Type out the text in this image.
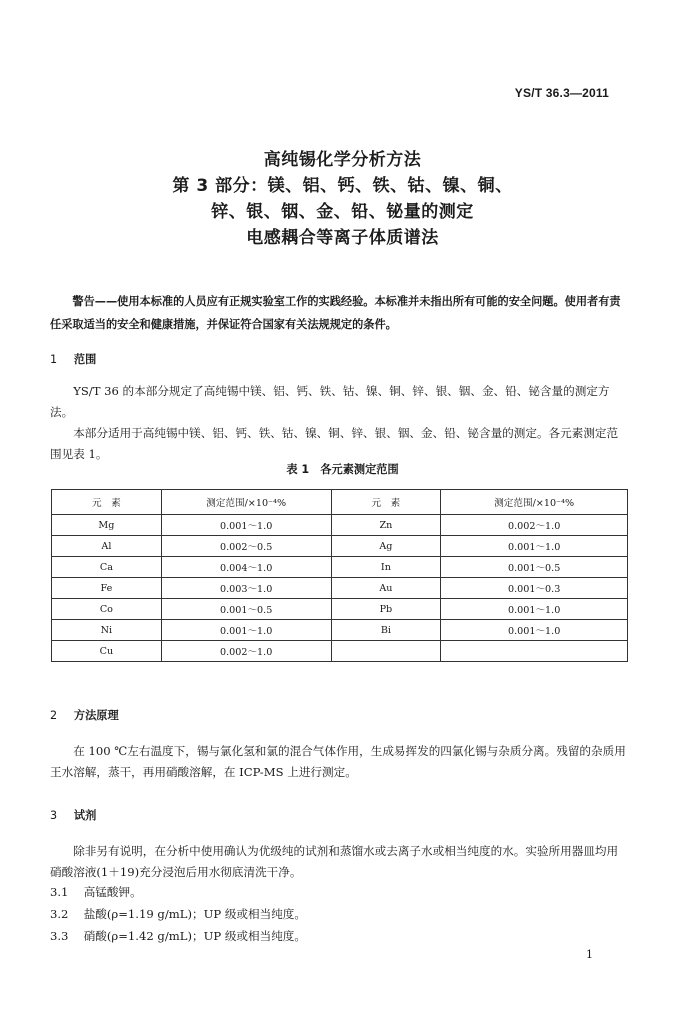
YS/T 36.3—2011
高纯锡化学分析方法
第 3 部分：镁、铝、钙、铁、钴、镍、铜、
锌、银、铟、金、铅、铋量的测定
电感耦合等离子体质谱法
警告——使用本标准的人员应有正规实验室工作的实践经验。本标准并未指出所有可能的安全问题。使用者有责任采取适当的安全和健康措施，并保证符合国家有关法规规定的条件。
1 范围

YS/T 36 的本部分规定了高纯锡中镁、铝、钙、铁、钴、镍、铜、锌、银、铟、金、铅、铋含量的测定方法。

本部分适用于高纯锡中镁、铝、钙、铁、钴、镍、铜、锌、银、铟、金、铅、铋含量的测定。各元素测定范围见表 1。

表 1　各元素测定范围
元　素	测定范围/×10⁻⁴%	元　素	测定范围/×10⁻⁴%
Mg	0.001～1.0	Zn	0.002～1.0
Al	0.002～0.5	Ag	0.001～1.0
Ca	0.004～1.0	In	0.001～0.5
Fe	0.003～1.0	Au	0.001～0.3
Co	0.001～0.5	Pb	0.001～1.0
Ni	0.001～1.0	Bi	0.001～1.0
Cu	0.002～1.0		
2 方法原理

在 100 ℃左右温度下，锡与氯化氢和氯的混合气体作用，生成易挥发的四氯化锡与杂质分离。残留的杂质用王水溶解，蒸干，再用硝酸溶解，在 ICP-MS 上进行测定。

3 试剂

除非另有说明，在分析中使用确认为优级纯的试剂和蒸馏水或去离子水或相当纯度的水。实验所用器皿均用硝酸溶液(1＋19)充分浸泡后用水彻底清洗干净。

3.1 高锰酸钾。
3.2 盐酸(ρ=1.19 g/mL)；UP 级或相当纯度。
3.3 硝酸(ρ=1.42 g/mL)；UP 级或相当纯度。
1
